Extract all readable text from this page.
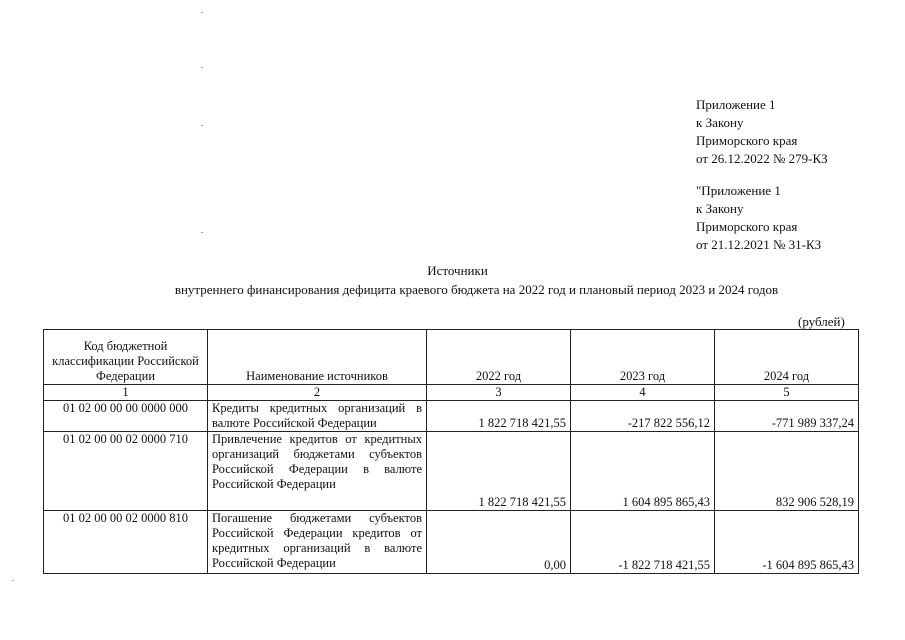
Приложение 1
к Закону
Приморского края
от 26.12.2022 № 279-КЗ
"Приложение 1
к Закону
Приморского края
от 21.12.2021 № 31-КЗ
Источники
внутреннего финансирования дефицита краевого бюджета на 2022 год и плановый период 2023 и 2024 годов
(рублей)
Код бюджетной классификации Российской Федерации	Наименование источников	2022 год	2023 год	2024 год
1	2	3	4	5
01 02 00 00 00 0000 000	Кредиты кредитных организаций в валюте Российской Федерации	1 822 718 421,55	-217 822 556,12	-771 989 337,24
01 02 00 00 02 0000 710	Привлечение кредитов от кредитных организаций бюджетами субъектов Российской Федерации в валюте Российской Федерации	1 822 718 421,55	1 604 895 865,43	832 906 528,19
01 02 00 00 02 0000 810	Погашение бюджетами субъектов Российской Федерации кредитов от кредитных организаций в валюте Российской Федерации	0,00	-1 822 718 421,55	-1 604 895 865,43
